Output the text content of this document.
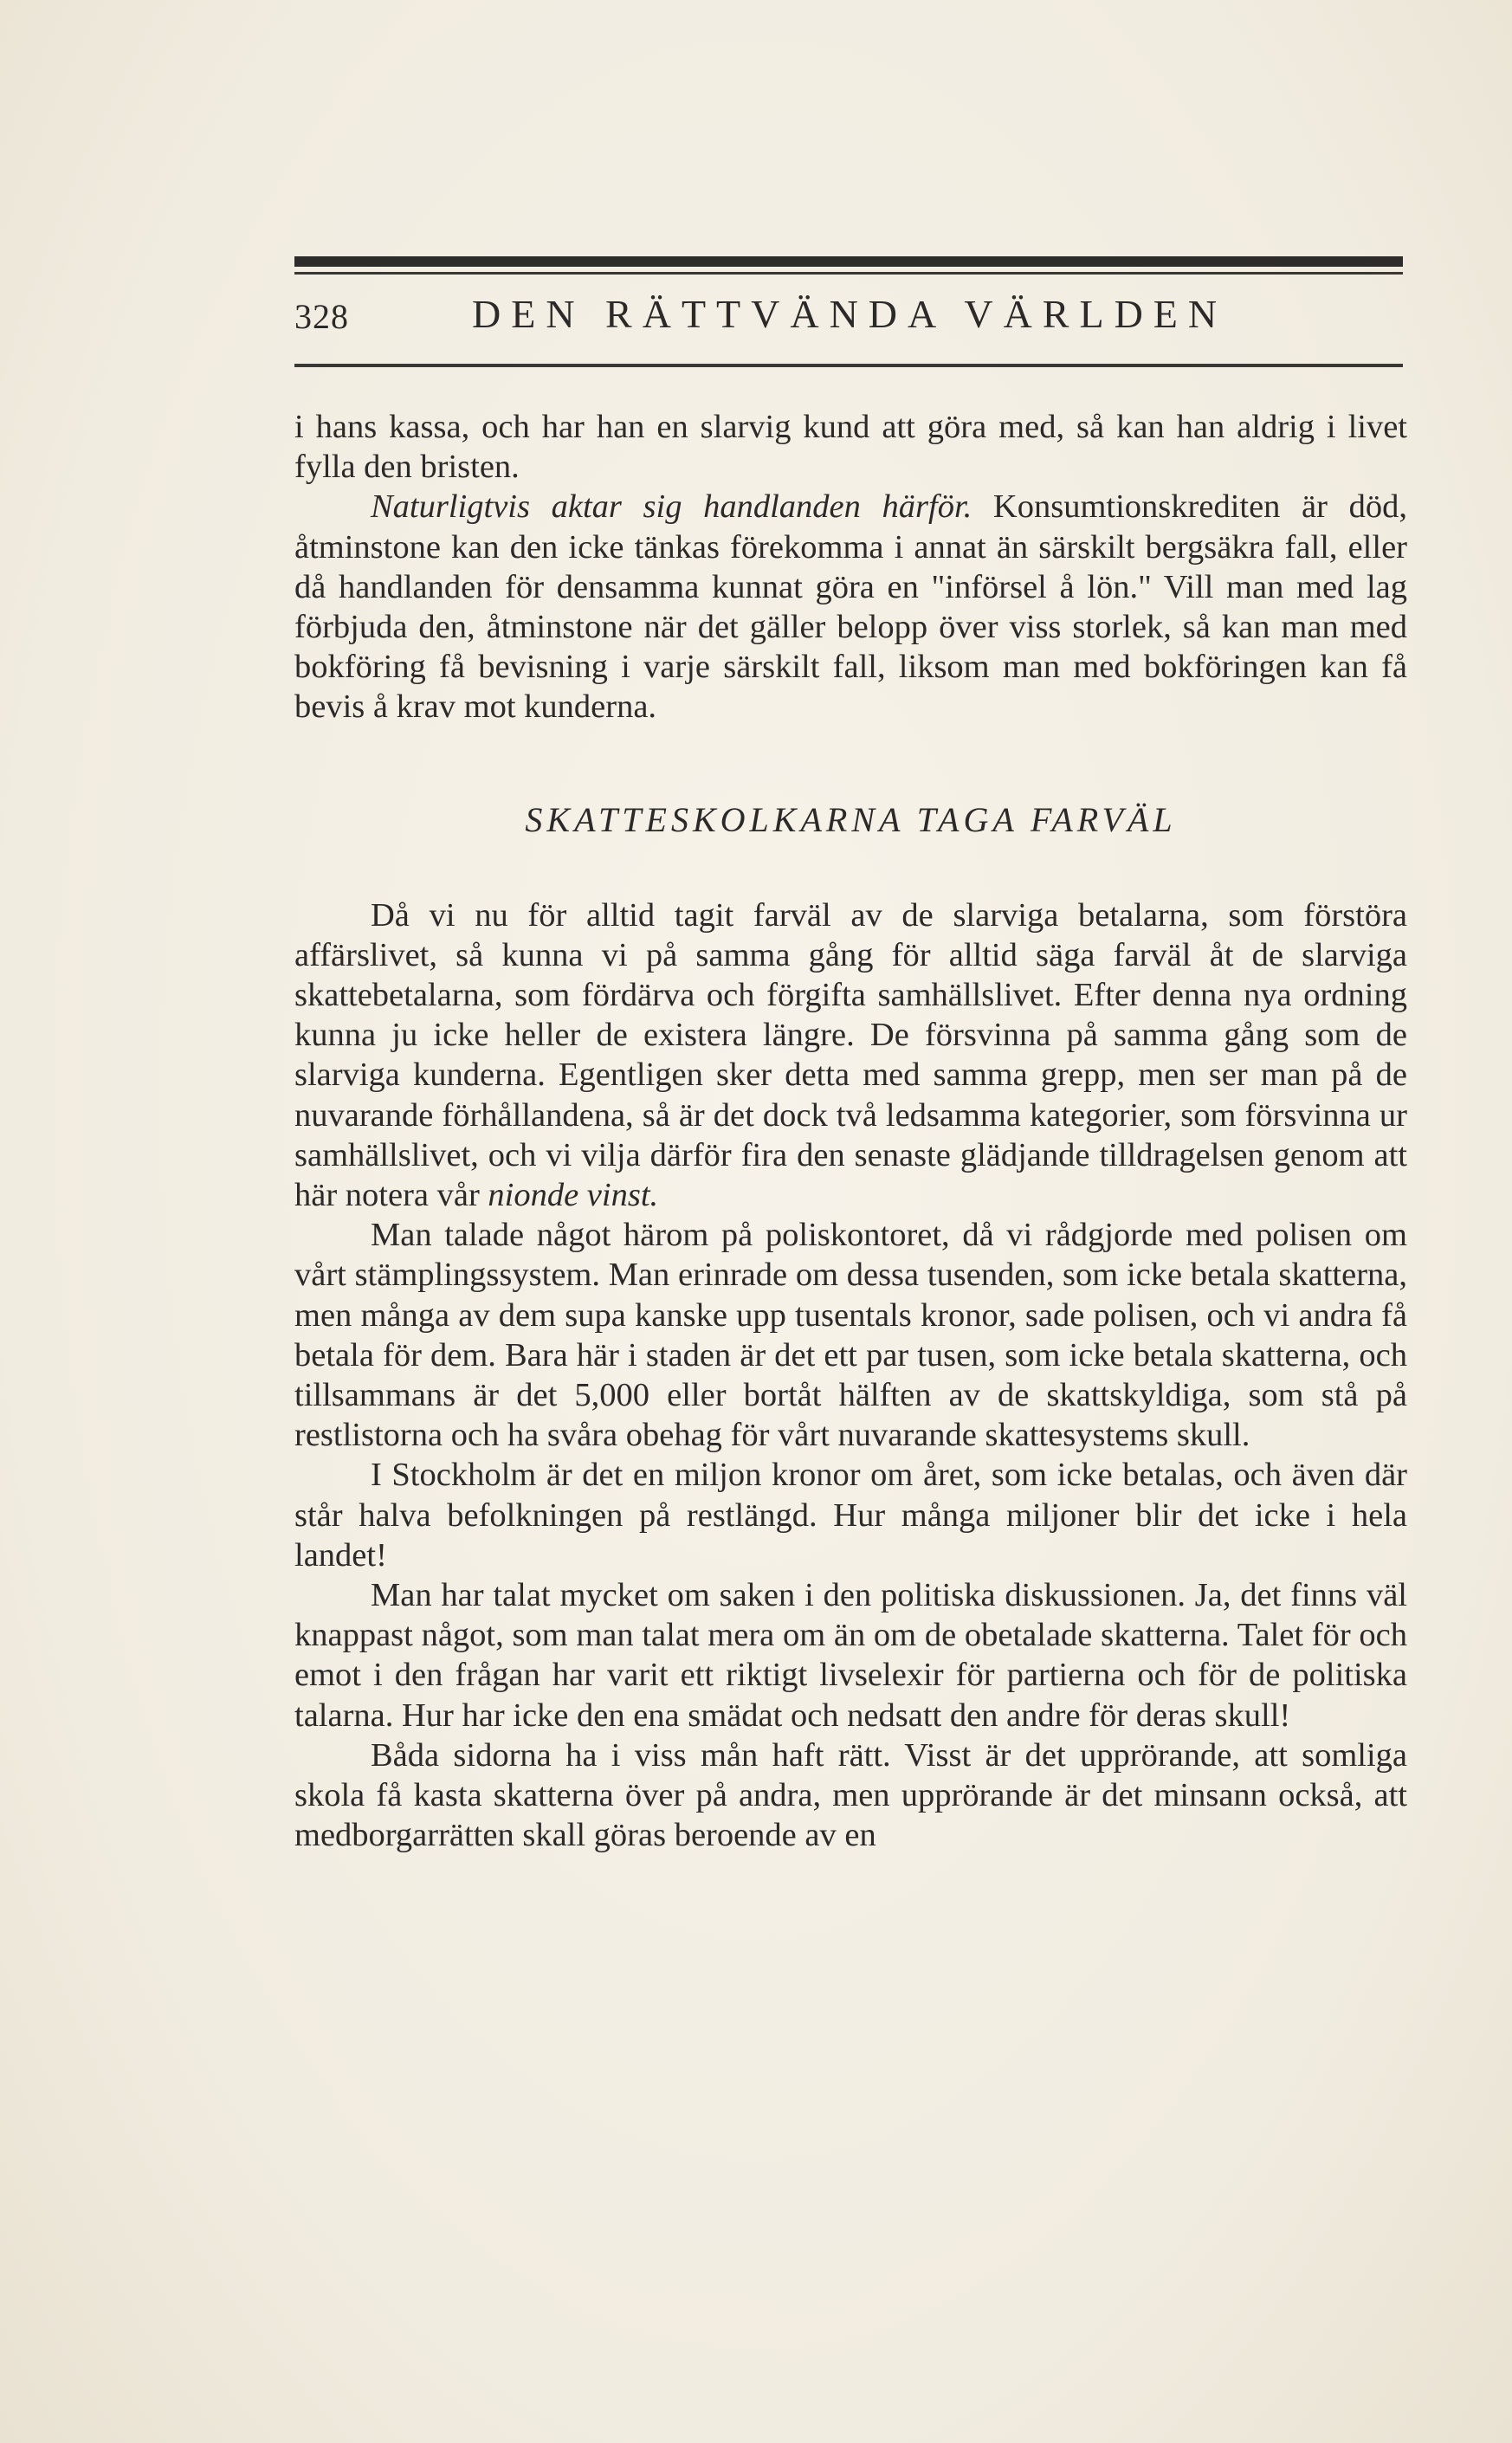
328	DEN RÄTTVÄNDA VÄRLDEN

i hans kassa, och har han en slarvig kund att göra med, så kan han aldrig i livet fylla den bristen.

Naturligtvis aktar sig handlanden härför. Konsumtionskrediten är död, åtminstone kan den icke tänkas förekomma i annat än särskilt bergsäkra fall, eller då handlanden för densamma kunnat göra en "införsel å lön." Vill man med lag förbjuda den, åtminstone när det gäller belopp över viss storlek, så kan man med bokföring få bevisning i varje särskilt fall, liksom man med bokföringen kan få bevis å krav mot kunderna.

SKATTESKOLKARNA TAGA FARVÄL

Då vi nu för alltid tagit farväl av de slarviga betalarna, som förstöra affärslivet, så kunna vi på samma gång för alltid säga farväl åt de slarviga skattebetalarna, som fördärva och förgifta samhällslivet. Efter denna nya ordning kunna ju icke heller de existera längre. De försvinna på samma gång som de slarviga kunderna. Egentligen sker detta med samma grepp, men ser man på de nuvarande förhållandena, så är det dock två ledsamma kategorier, som försvinna ur samhällslivet, och vi vilja därför fira den senaste glädjande tilldragelsen genom att här notera vår nionde vinst.

Man talade något härom på poliskontoret, då vi rådgjorde med polisen om vårt stämplingssystem. Man erinrade om dessa tusenden, som icke betala skatterna, men många av dem supa kanske upp tusentals kronor, sade polisen, och vi andra få betala för dem. Bara här i staden är det ett par tusen, som icke betala skatterna, och tillsammans är det 5,000 eller bortåt hälften av de skattskyldiga, som stå på restlistorna och ha svåra obehag för vårt nuvarande skattesystems skull.

I Stockholm är det en miljon kronor om året, som icke betalas, och även där står halva befolkningen på restlängd. Hur många miljoner blir det icke i hela landet!

Man har talat mycket om saken i den politiska diskussionen. Ja, det finns väl knappast något, som man talat mera om än om de obetalade skatterna. Talet för och emot i den frågan har varit ett riktigt livselexir för partierna och för de politiska talarna. Hur har icke den ena smädat och nedsatt den andre för deras skull!

Båda sidorna ha i viss mån haft rätt. Visst är det upprörande, att somliga skola få kasta skatterna över på andra, men upprörande är det minsann också, att medborgarrätten skall göras beroende av en
